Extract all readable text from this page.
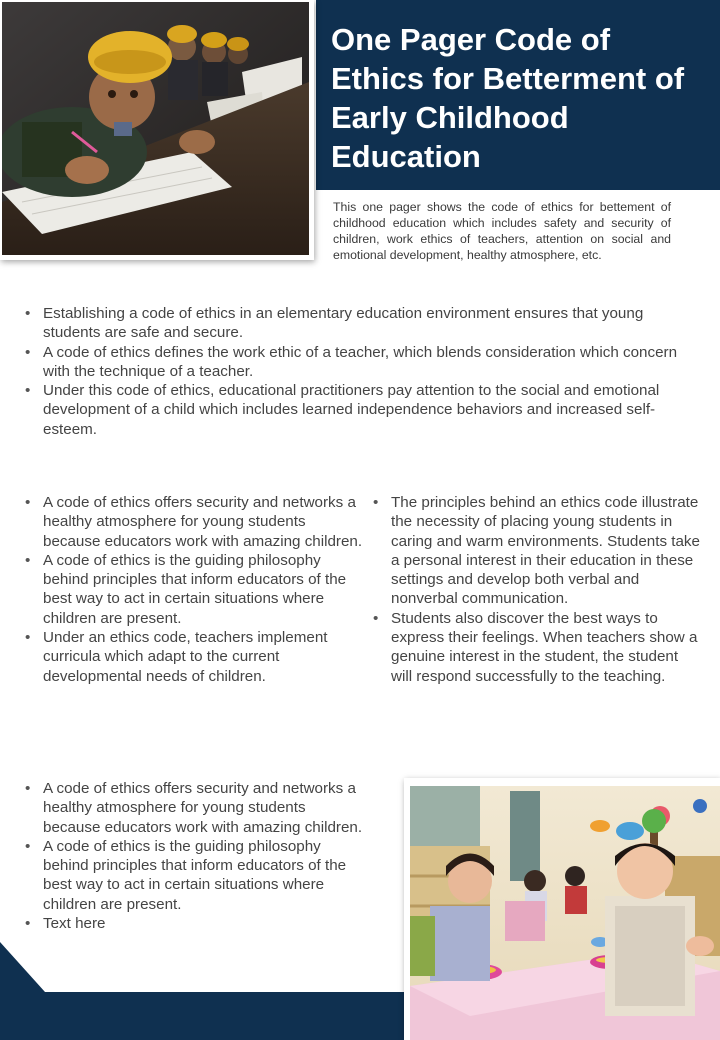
One Pager Code of Ethics for Betterment of Early Childhood Education

This one pager shows the code of ethics for bettement of childhood education which includes safety and security of children, work ethics of teachers, attention on social and emotional development, healthy atmosphere, etc.

• Establishing a code of ethics in an elementary education environment ensures that young students are safe and secure.
• A code of ethics defines the work ethic of a teacher, which blends consideration which concern with the technique of a teacher.
• Under this code of ethics, educational practitioners pay attention to the social and emotional development of a child which includes learned independence behaviors and increased self-esteem.
• A code of ethics offers security and networks a healthy atmosphere for young students because educators work with amazing children.
• A code of ethics is the guiding philosophy behind principles that inform educators of the best way to act in certain situations where children are present.
• Under an ethics code, teachers implement curricula which adapt to the current developmental needs of children.
• The principles behind an ethics code illustrate the necessity of placing young students in caring and warm environments. Students take a personal interest in their education in these settings and develop both verbal and nonverbal communication.
• Students also discover the best ways to express their feelings. When teachers show a genuine interest in the student, the student will respond successfully to the teaching.
• A code of ethics offers security and networks a healthy atmosphere for young students because educators work with amazing children.
• A code of ethics is the guiding philosophy behind principles that inform educators of the best way to act in certain situations where children are present.
• Text here
